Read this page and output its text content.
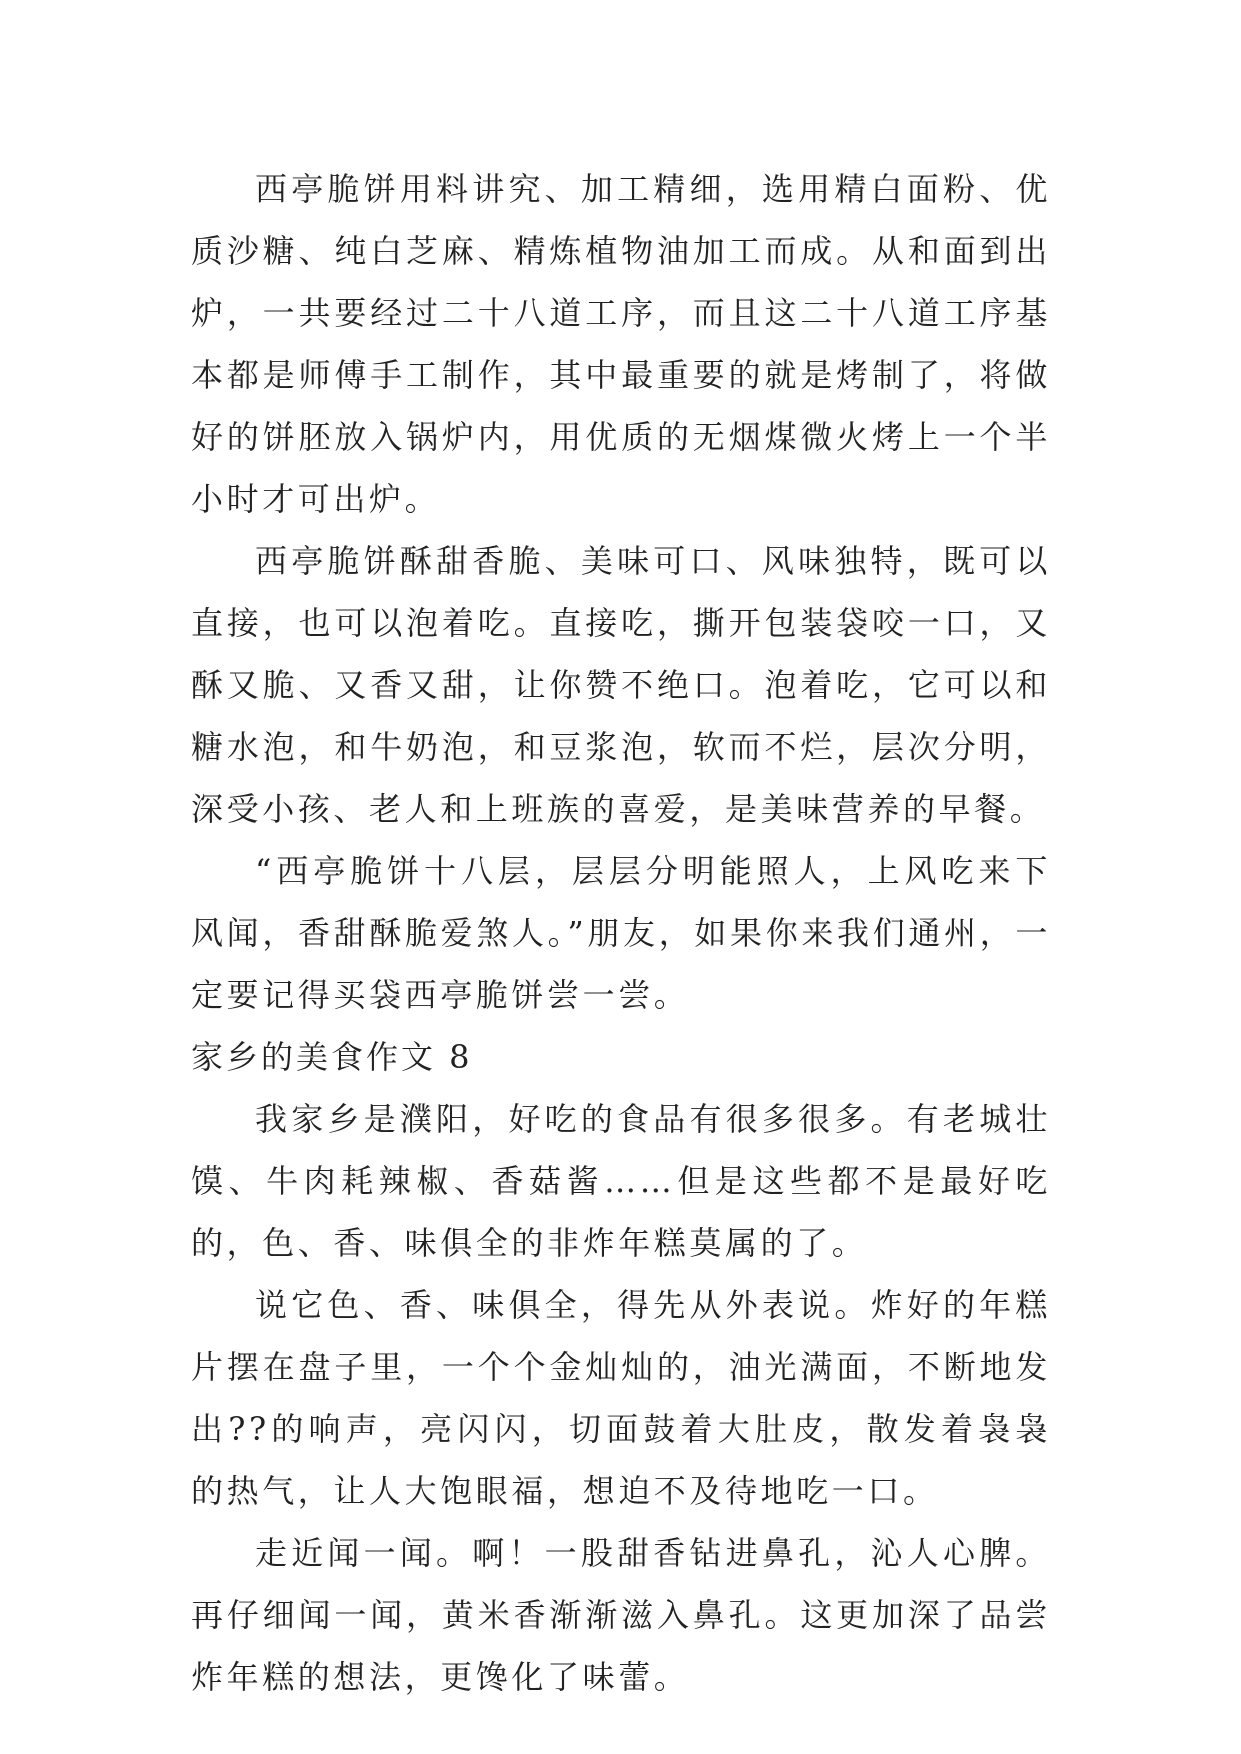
西亭脆饼用料讲究、加工精细，选用精白面粉、优质沙糖、纯白芝麻、精炼植物油加工而成。从和面到出炉，一共要经过二十八道工序，而且这二十八道工序基本都是师傅手工制作，其中最重要的就是烤制了，将做好的饼胚放入锅炉内，用优质的无烟煤微火烤上一个半小时才可出炉。

西亭脆饼酥甜香脆、美味可口、风味独特，既可以直接，也可以泡着吃。直接吃，撕开包装袋咬一口，又酥又脆、又香又甜，让你赞不绝口。泡着吃，它可以和糖水泡，和牛奶泡，和豆浆泡，软而不烂，层次分明，深受小孩、老人和上班族的喜爱，是美味营养的早餐。

“西亭脆饼十八层，层层分明能照人，上风吃来下风闻，香甜酥脆爱煞人。”朋友，如果你来我们通州，一定要记得买袋西亭脆饼尝一尝。

家乡的美食作文 8

我家乡是濮阳，好吃的食品有很多很多。有老城壮馍、牛肉耗辣椒、香菇酱……但是这些都不是最好吃的，色、香、味俱全的非炸年糕莫属的了。

说它色、香、味俱全，得先从外表说。炸好的年糕片摆在盘子里，一个个金灿灿的，油光满面，不断地发出??的响声，亮闪闪，切面鼓着大肚皮，散发着袅袅的热气，让人大饱眼福，想迫不及待地吃一口。

走近闻一闻。啊！一股甜香钻进鼻孔，沁人心脾。再仔细闻一闻，黄米香渐渐滋入鼻孔。这更加深了品尝炸年糕的想法，更馋化了味蕾。
